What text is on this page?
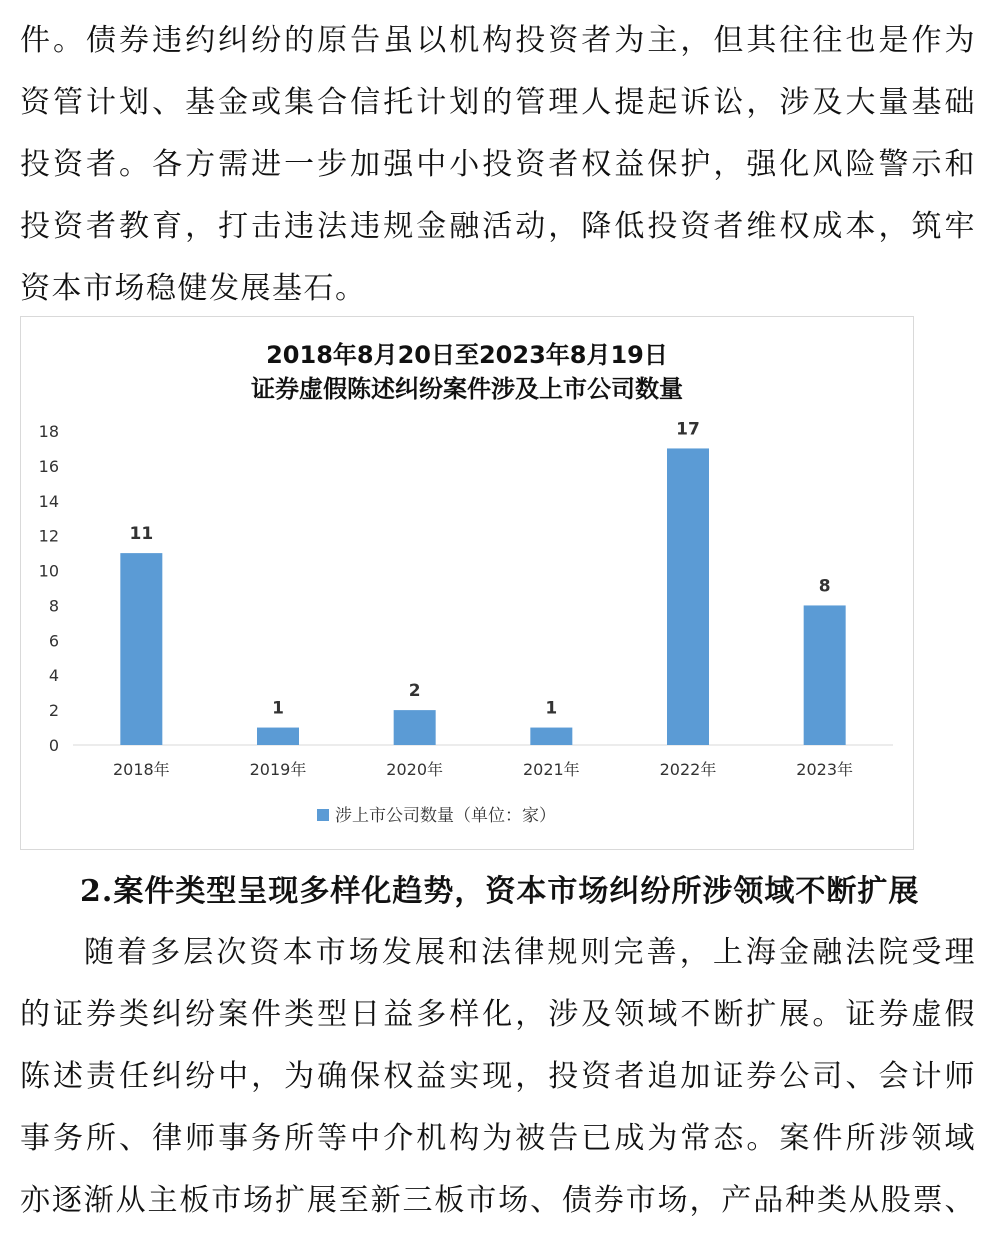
件。债券违约纠纷的原告虽以机构投资者为主，但其往往也是作为
资管计划、基金或集合信托计划的管理人提起诉讼，涉及大量基础
投资者。各方需进一步加强中小投资者权益保护，强化风险警示和
投资者教育，打击违法违规金融活动，降低投资者维权成本，筑牢
资本市场稳健发展基石。
2018年8月20日至2023年8月19日
证券虚假陈述纠纷案件涉及上市公司数量
0
2
4
6
8
10
12
14
16
18
11
2018年
1
2019年
2
2020年
1
2021年
17
2022年
8
2023年
涉上市公司数量（单位：家）
2.案件类型呈现多样化趋势，资本市场纠纷所涉领域不断扩展
随着多层次资本市场发展和法律规则完善，上海金融法院受理
的证券类纠纷案件类型日益多样化，涉及领域不断扩展。证券虚假
陈述责任纠纷中，为确保权益实现，投资者追加证券公司、会计师
事务所、律师事务所等中介机构为被告已成为常态。案件所涉领域
亦逐渐从主板市场扩展至新三板市场、债券市场，产品种类从股票、
